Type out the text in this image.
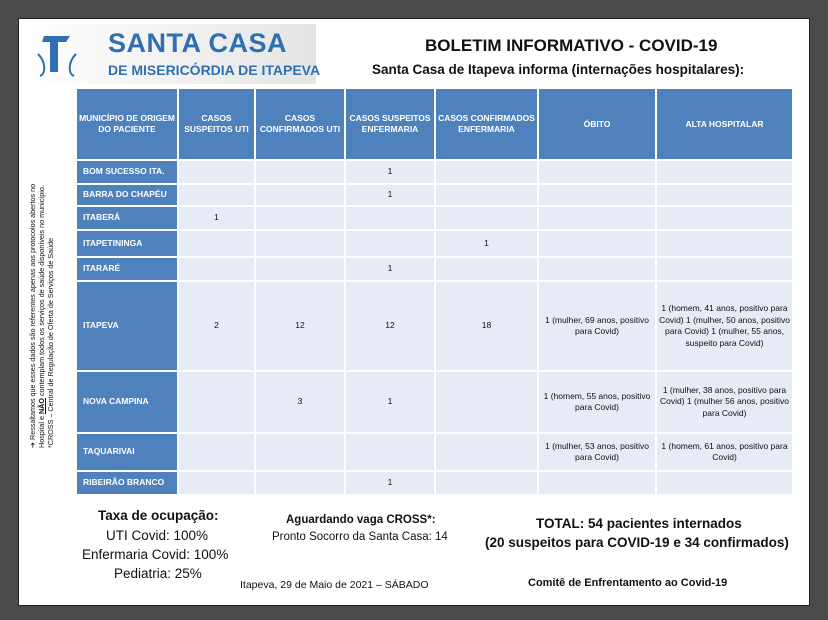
SANTA CASA
DE MISERICÓRDIA DE ITAPEVA
BOLETIM INFORMATIVO - COVID-19
Santa Casa de Itapeva informa (internações hospitalares):
➔ Ressaltamos que esses dados são referentes apenas aos protocolos abertos no Hospital e NÃO contemplam todos os serviços de saúde disponíveis no município. *CROSS – Central de Regulação de Oferta de Serviços de Saúde
MUNICÍPIO DE ORIGEM DO PACIENTE	CASOS SUSPEITOS UTI	CASOS CONFIRMADOS UTI	CASOS SUSPEITOS ENFERMARIA	CASOS CONFIRMADOS ENFERMARIA	ÓBITO	ALTA HOSPITALAR
BOM SUCESSO ITA.			1			
BARRA DO CHAPÉU			1			
ITABERÁ	1					
ITAPETININGA				1		
ITARARÉ			1			
ITAPEVA	2	12	12	18	1 (mulher, 69 anos, positivo para Covid)	1 (homem, 41 anos, positivo para Covid) 1 (mulher, 50 anos, positivo para Covid) 1 (mulher, 55 anos, suspeito para Covid)
NOVA CAMPINA		3	1		1 (homem, 55 anos, positivo para Covid)	1 (mulher, 38 anos, positivo para Covid) 1 (mulher 56 anos, positivo para Covid)
TAQUARIVAI					1 (mulher, 53 anos, positivo para Covid)	1 (homem, 61 anos, positivo para Covid)
RIBEIRÃO BRANCO			1			
Taxa de ocupação:
UTI Covid: 100%
Enfermaria Covid: 100%
Pediatria: 25%
Aguardando vaga CROSS*:
Pronto Socorro da Santa Casa: 14
TOTAL: 54 pacientes internados
(20 suspeitos para COVID-19 e 34 confirmados)
Itapeva, 29 de Maio de 2021 – SÁBADO	Comitê de Enfrentamento ao Covid-19
